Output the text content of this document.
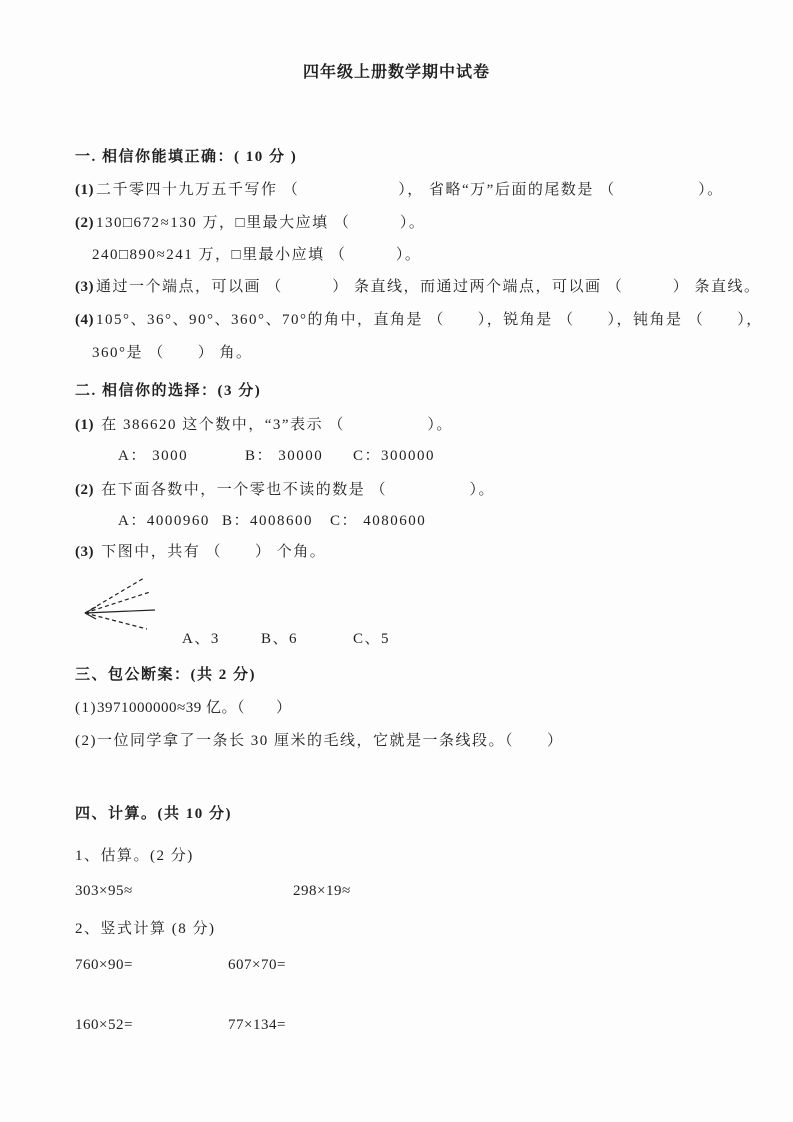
四年级上册数学期中试卷
一. 相信你能填正确：( 10 分 )
(1) 二千零四十九万五千写作 （　　　　　　）， 省略“万”后面的尾数是 （　　　　　）。
(2) 130□672≈130 万，□里最大应填 （　　　）。
240□890≈241 万，□里最小应填 （　　　）。
(3) 通过一个端点，可以画 （　　　） 条直线，而通过两个端点，可以画 （　　　） 条直线。
(4) 105°、36°、90°、360°、70°的角中，直角是 （　　），锐角是 （　　），钝角是 （　　），
360°是 （　　） 角。
二. 相信你的选择：(3 分)
(1) 在 386620 这个数中，“3”表示 （　　　　　）。
A： 3000	B： 30000 C：300000
(2) 在下面各数中，一个零也不读的数是 （　　　　　）。
A：4000960 B：4008600 C： 4080600
(3) 下图中，共有 （　　） 个角。
A、3	B、6	C、5
三、包公断案：(共 2 分)
(1)3971000000≈39 亿。（　　）
(2)一位同学拿了一条长 30 厘米的毛线，它就是一条线段。（　　）
四、计算。(共 10 分)
1、估算。(2 分)
303×95≈	298×19≈
2、竖式计算 (8 分)
760×90=	607×70=
160×52=	77×134=
